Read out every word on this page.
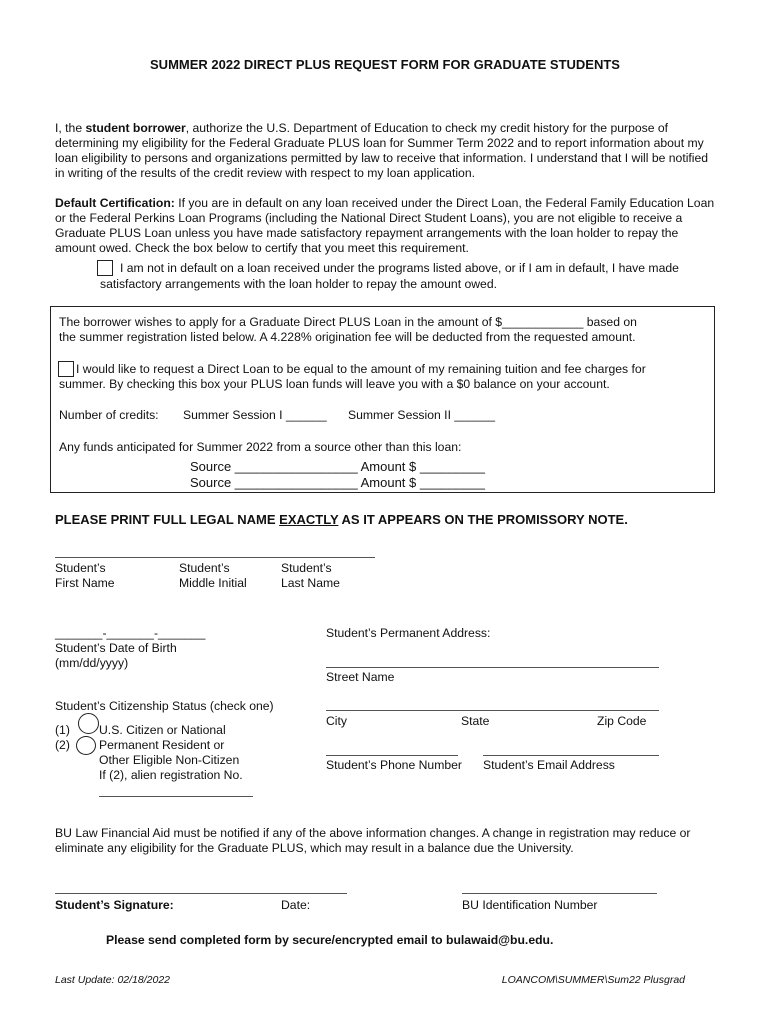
SUMMER 2022 DIRECT PLUS REQUEST FORM FOR GRADUATE STUDENTS
I, the student borrower, authorize the U.S. Department of Education to check my credit history for the purpose of determining my eligibility for the Federal Graduate PLUS loan for Summer Term 2022 and to report information about my loan eligibility to persons and organizations permitted by law to receive that information. I understand that I will be notified in writing of the results of the credit review with respect to my loan application.
Default Certification: If you are in default on any loan received under the Direct Loan, the Federal Family Education Loan or the Federal Perkins Loan Programs (including the National Direct Student Loans), you are not eligible to receive a Graduate PLUS Loan unless you have made satisfactory repayment arrangements with the loan holder to repay the amount owed. Check the box below to certify that you meet this requirement.
I am not in default on a loan received under the programs listed above, or if I am in default, I have made
satisfactory arrangements with the loan holder to repay the amount owed.
The borrower wishes to apply for a Graduate Direct PLUS Loan in the amount of $____________ based on
the summer registration listed below. A 4.228% origination fee will be deducted from the requested amount.
I would like to request a Direct Loan to be equal to the amount of my remaining tuition and fee charges for
summer. By checking this box your PLUS loan funds will leave you with a $0 balance on your account.
Number of credits: Summer Session I ______ Summer Session II ______
Any funds anticipated for Summer 2022 from a source other than this loan:
Source _________________ Amount $ _________
Source _________________ Amount $ _________
PLEASE PRINT FULL LEGAL NAME EXACTLY AS IT APPEARS ON THE PROMISSORY NOTE.
Student’s
First Name
Student’s
Middle Initial
Student’s
Last Name
_______-_______-_______
Student’s Date of Birth
(mm/dd/yyyy)
Student’s Permanent Address:
Street Name
City	State	Zip Code
Student’s Phone Number Student’s Email Address
Student’s Citizenship Status (check one)
(1) U.S. Citizen or National
(2) Permanent Resident or
Other Eligible Non-Citizen
If (2), alien registration No.
BU Law Financial Aid must be notified if any of the above information changes. A change in registration may reduce or eliminate any eligibility for the Graduate PLUS, which may result in a balance due the University.
Student’s Signature:	Date:	BU Identification Number
Please send completed form by secure/encrypted email to bulawaid@bu.edu.
Last Update: 02/18/2022	LOANCOM\SUMMER\Sum22 Plusgrad
